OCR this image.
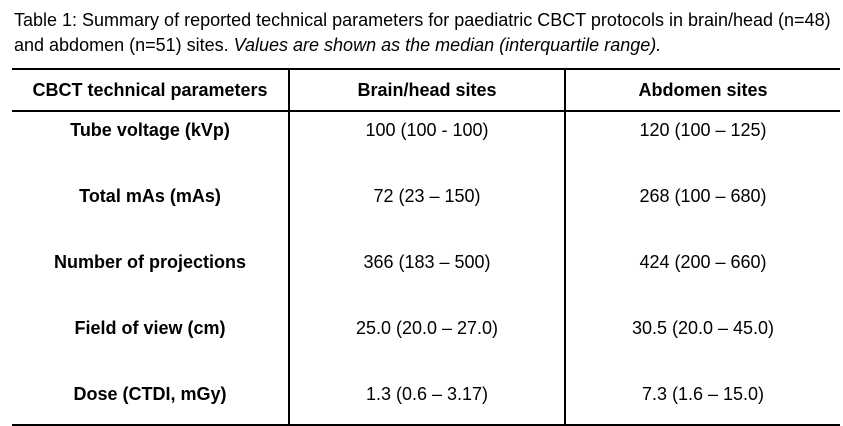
Table 1: Summary of reported technical parameters for paediatric CBCT protocols in brain/head (n=48) and abdomen (n=51) sites. Values are shown as the median (interquartile range).
CBCT technical parameters	Brain/head sites	Abdomen sites
Tube voltage (kVp)	100 (100 - 100)	120 (100 – 125)
Total mAs (mAs)	72 (23 – 150)	268 (100 – 680)
Number of projections	366 (183 – 500)	424 (200 – 660)
Field of view (cm)	25.0 (20.0 – 27.0)	30.5 (20.0 – 45.0)
Dose (CTDI, mGy)	1.3 (0.6 – 3.17)	7.3 (1.6 – 15.0)
